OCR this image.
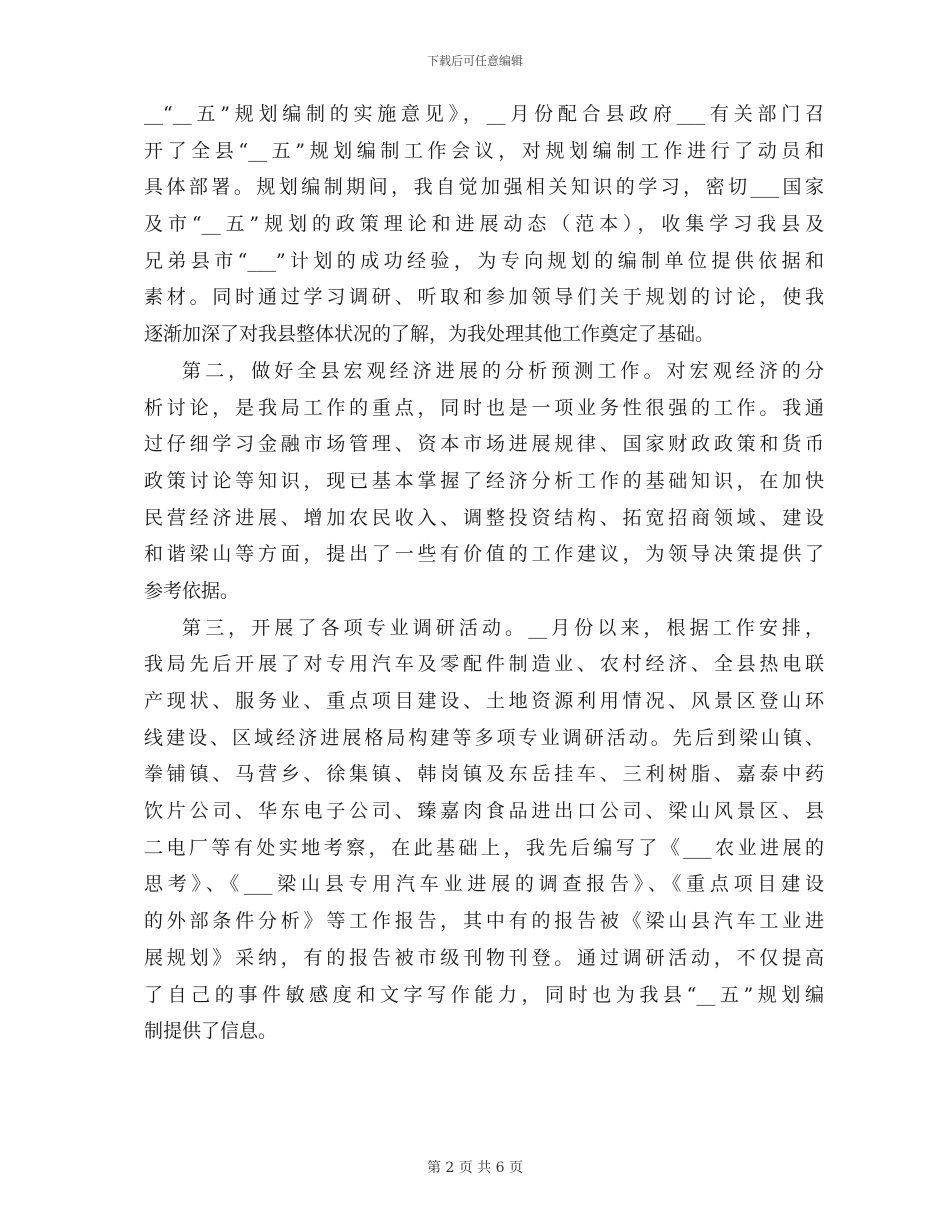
下载后可任意编辑
__“__五”规划编制的实施意见》，__月份配合县政府___有关部门召
开了全县“__五”规划编制工作会议，对规划编制工作进行了动员和
具体部署。规划编制期间，我自觉加强相关知识的学习，密切___国家
及市“__五”规划的政策理论和进展动态（范本），收集学习我县及
兄弟县市“___”计划的成功经验，为专向规划的编制单位提供依据和
素材。同时通过学习调研、听取和参加领导们关于规划的讨论，使我
逐渐加深了对我县整体状况的了解，为我处理其他工作奠定了基础。
第二，做好全县宏观经济进展的分析预测工作。对宏观经济的分
析讨论，是我局工作的重点，同时也是一项业务性很强的工作。我通
过仔细学习金融市场管理、资本市场进展规律、国家财政政策和货币
政策讨论等知识，现已基本掌握了经济分析工作的基础知识，在加快
民营经济进展、增加农民收入、调整投资结构、拓宽招商领域、建设
和谐梁山等方面，提出了一些有价值的工作建议，为领导决策提供了
参考依据。
第三，开展了各项专业调研活动。__月份以来，根据工作安排，
我局先后开展了对专用汽车及零配件制造业、农村经济、全县热电联
产现状、服务业、重点项目建设、土地资源利用情况、风景区登山环
线建设、区域经济进展格局构建等多项专业调研活动。先后到梁山镇、
拳铺镇、马营乡、徐集镇、韩岗镇及东岳挂车、三利树脂、嘉泰中药
饮片公司、华东电子公司、臻嘉肉食品进出口公司、梁山风景区、县
二电厂等有处实地考察，在此基础上，我先后编写了《___农业进展的
思考》、《___梁山县专用汽车业进展的调查报告》、《重点项目建设
的外部条件分析》等工作报告，其中有的报告被《梁山县汽车工业进
展规划》采纳，有的报告被市级刊物刊登。通过调研活动，不仅提高
了自己的事件敏感度和文字写作能力，同时也为我县“__五”规划编
制提供了信息。
第 2 页 共 6 页
